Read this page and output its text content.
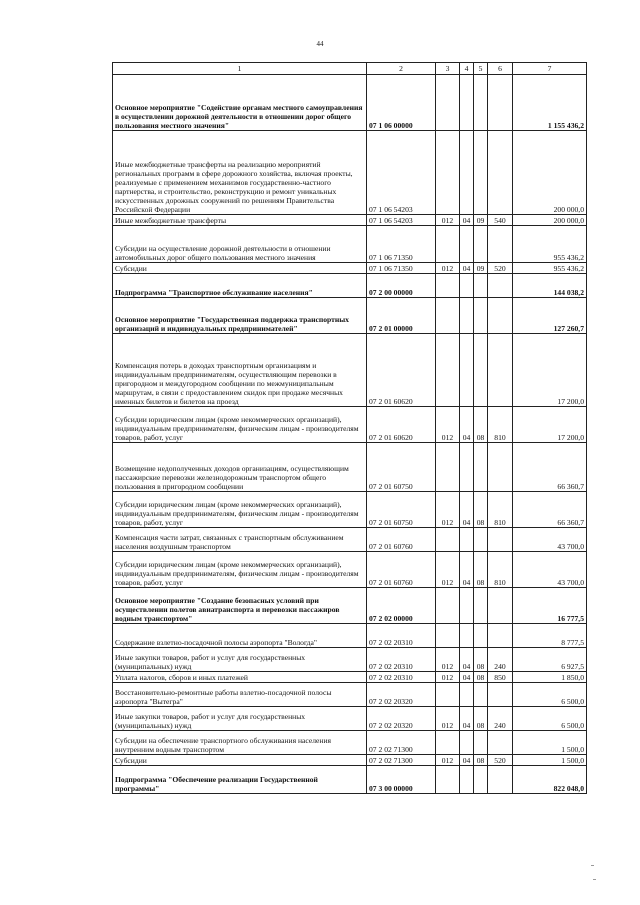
44
1	2	3	4	5	6	7
Основное мероприятие "Содействие органам местного самоуправления в осуществлении дорожной деятельности в отношении дорог общего пользования местного значения"	07 1 06 00000					1 155 436,2
Иные межбюджетные трансферты на реализацию мероприятий региональных программ в сфере дорожного хозяйства, включая проекты, реализуемые с применением механизмов государственно-частного партнерства, и строительство, реконструкцию и ремонт уникальных искусственных дорожных сооружений по решениям Правительства Российской Федерации	07 1 06 54203					200 000,0
Иные межбюджетные трансферты	07 1 06 54203	012	04	09	540	200 000,0
Субсидии на осуществление дорожной деятельности в отношении автомобильных дорог общего пользования местного значения	07 1 06 71350					955 436,2
Субсидии	07 1 06 71350	012	04	09	520	955 436,2
Подпрограмма "Транспортное обслуживание населения"	07 2 00 00000					144 038,2
Основное мероприятие "Государственная поддержка транспортных организаций и индивидуальных предпринимателей"	07 2 01 00000					127 260,7
Компенсация потерь в доходах транспортным организациям и индивидуальным предпринимателям, осуществляющим перевозки в пригородном и междугородном сообщении по межмуниципальным маршрутам, в связи с предоставлением скидок при продаже месячных именных билетов и билетов на проезд	07 2 01 60620					17 200,0
Субсидии юридическим лицам (кроме некоммерческих организаций), индивидуальным предпринимателям, физическим лицам - производителям товаров, работ, услуг	07 2 01 60620	012	04	08	810	17 200,0
Возмещение недополученных доходов организациям, осуществляющим пассажирские перевозки железнодорожным транспортом общего пользования в пригородном сообщении	07 2 01 60750					66 360,7
Субсидии юридическим лицам (кроме некоммерческих организаций), индивидуальным предпринимателям, физическим лицам - производителям товаров, работ, услуг	07 2 01 60750	012	04	08	810	66 360,7
Компенсация части затрат, связанных с транспортным обслуживанием населения воздушным транспортом	07 2 01 60760					43 700,0
Субсидии юридическим лицам (кроме некоммерческих организаций), индивидуальным предпринимателям, физическим лицам - производителям товаров, работ, услуг	07 2 01 60760	012	04	08	810	43 700,0
Основное мероприятие "Создание безопасных условий при осуществлении полетов авиатранспорта и перевозки пассажиров водным транспортом"	07 2 02 00000					16 777,5
Содержание взлетно-посадочной полосы аэропорта "Вологда"	07 2 02 20310					8 777,5
Иные закупки товаров, работ и услуг для государственных (муниципальных) нужд	07 2 02 20310	012	04	08	240	6 927,5
Уплата налогов, сборов и иных платежей	07 2 02 20310	012	04	08	850	1 850,0
Восстановительно-ремонтные работы взлетно-посадочной полосы аэропорта "Вытегра"	07 2 02 20320					6 500,0
Иные закупки товаров, работ и услуг для государственных (муниципальных) нужд	07 2 02 20320	012	04	08	240	6 500,0
Субсидии на обеспечение транспортного обслуживания населения внутренним водным транспортом	07 2 02 71300					1 500,0
Субсидии	07 2 02 71300	012	04	08	520	1 500,0
Подпрограмма "Обеспечение реализации Государственной программы"	07 3 00 00000					822 048,0
